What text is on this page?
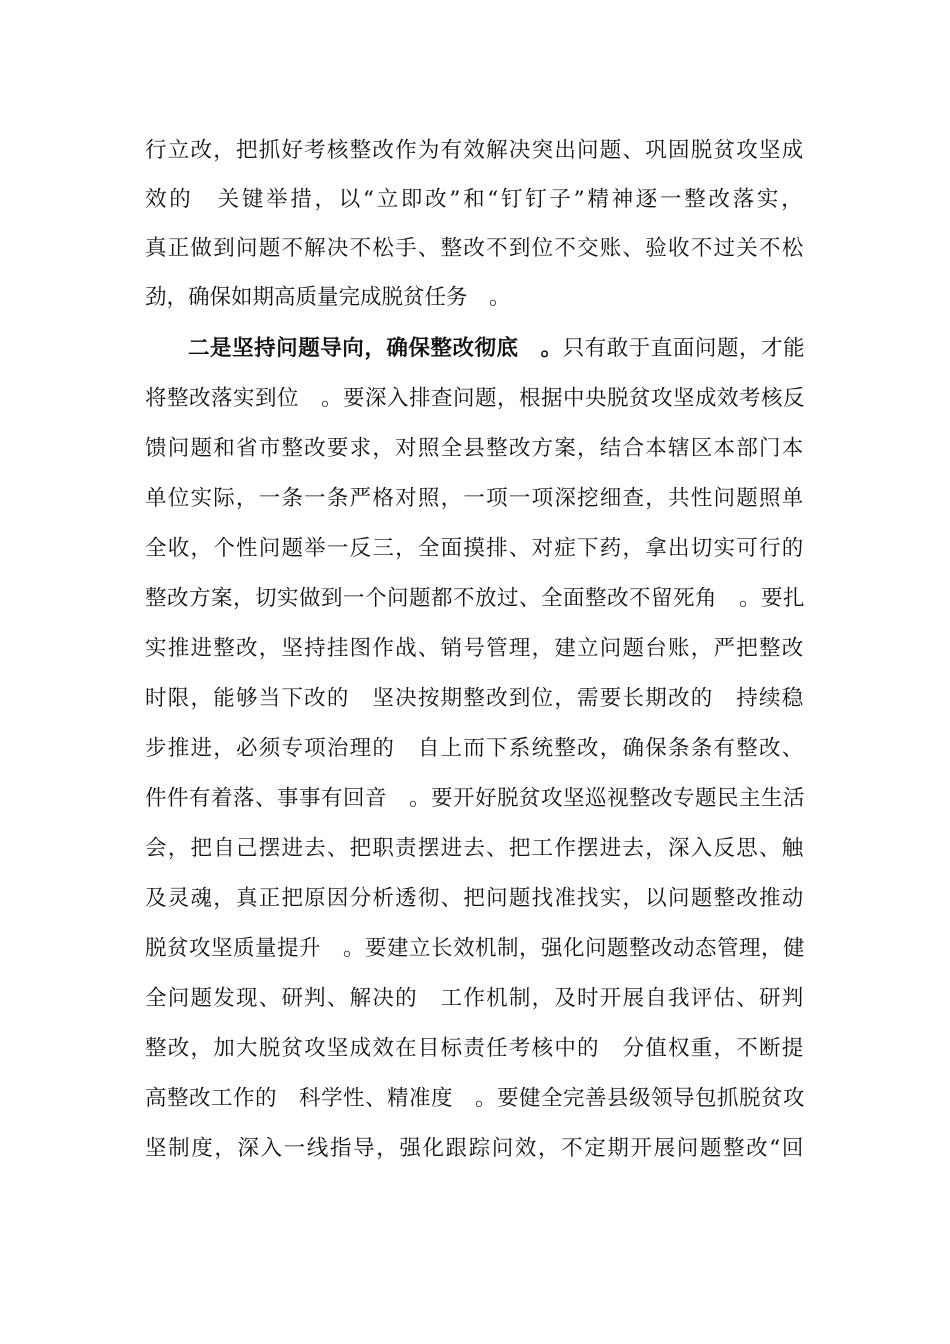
行立改，把抓好考核整改作为有效解决突出问题、巩固脱贫攻坚成
效的　关键举措，以“立即改”和“钉钉子”精神逐一整改落实，
真正做到问题不解决不松手、整改不到位不交账、验收不过关不松
劲，确保如期高质量完成脱贫任务　。
二是坚持问题导向，确保整改彻底　。只有敢于直面问题，才能
将整改落实到位　。要深入排查问题，根据中央脱贫攻坚成效考核反
馈问题和省市整改要求，对照全县整改方案，结合本辖区本部门本
单位实际，一条一条严格对照，一项一项深挖细查，共性问题照单
全收，个性问题举一反三，全面摸排、对症下药，拿出切实可行的
整改方案，切实做到一个问题都不放过、全面整改不留死角　。要扎
实推进整改，坚持挂图作战、销号管理，建立问题台账，严把整改
时限，能够当下改的　坚决按期整改到位，需要长期改的　持续稳
步推进，必须专项治理的　自上而下系统整改，确保条条有整改、
件件有着落、事事有回音　。要开好脱贫攻坚巡视整改专题民主生活
会，把自己摆进去、把职责摆进去、把工作摆进去，深入反思、触
及灵魂，真正把原因分析透彻、把问题找准找实，以问题整改推动
脱贫攻坚质量提升　。要建立长效机制，强化问题整改动态管理，健
全问题发现、研判、解决的　工作机制，及时开展自我评估、研判
整改，加大脱贫攻坚成效在目标责任考核中的　分值权重，不断提
高整改工作的　科学性、精准度　。要健全完善县级领导包抓脱贫攻
坚制度，深入一线指导，强化跟踪问效，不定期开展问题整改“回
